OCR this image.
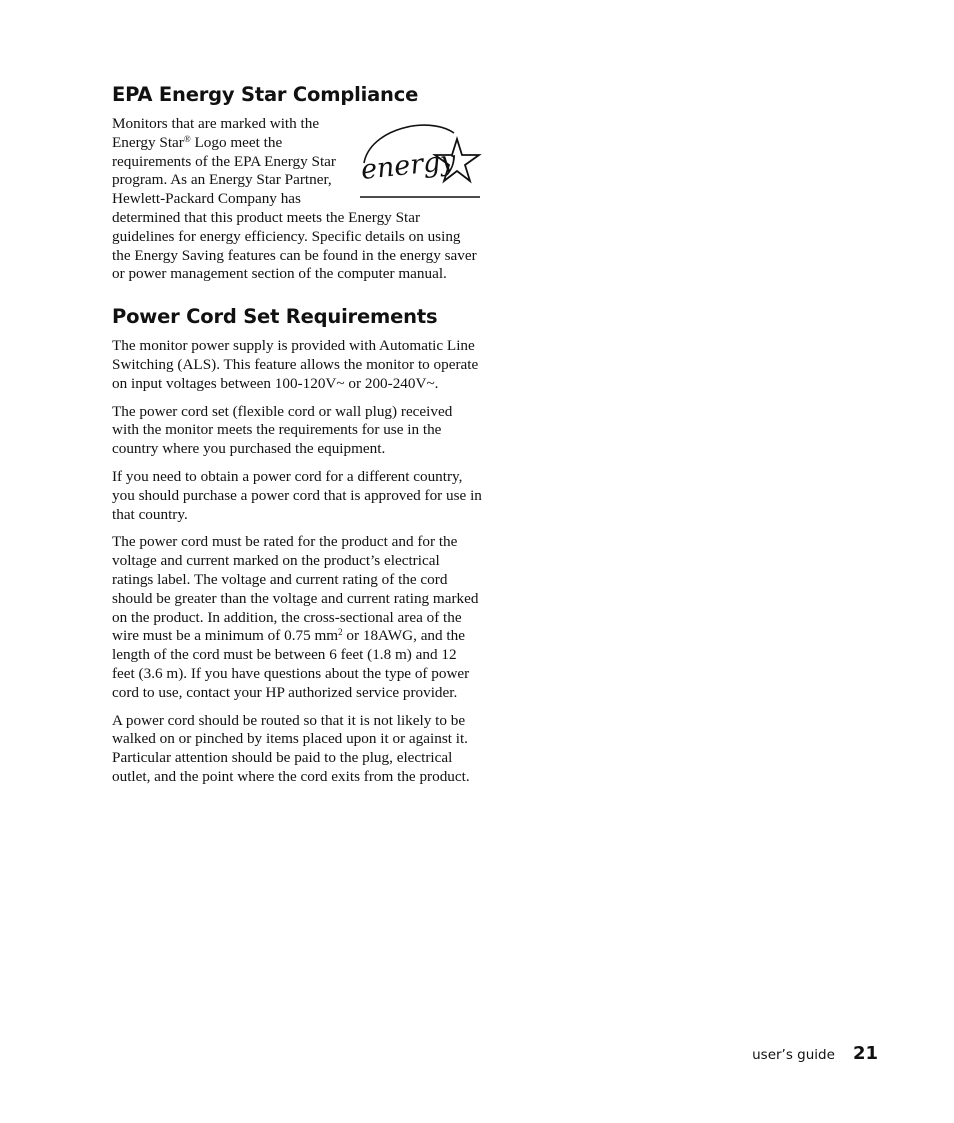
EPA Energy Star Compliance
energy

Monitors that are marked with the Energy Star® Logo meet the requirements of the EPA Energy Star program. As an Energy Star Partner, Hewlett-Packard Company has determined that this product meets the Energy Star guidelines for energy efficiency. Specific details on using the Energy Saving features can be found in the energy saver or power management section of the computer manual.

Power Cord Set Requirements

The monitor power supply is provided with Automatic Line Switching (ALS). This feature allows the monitor to operate on input voltages between 100-120V~ or 200-240V~.

The power cord set (flexible cord or wall plug) received with the monitor meets the requirements for use in the country where you purchased the equipment.

If you need to obtain a power cord for a different country, you should purchase a power cord that is approved for use in that country.

The power cord must be rated for the product and for the voltage and current marked on the product’s electrical ratings label. The voltage and current rating of the cord should be greater than the voltage and current rating marked on the product. In addition, the cross-sectional area of the wire must be a minimum of 0.75 $mm^2$ or 18AWG, and the length of the cord must be between 6 feet (1.8 m) and 12 feet (3.6 m). If you have questions about the type of power cord to use, contact your HP authorized service provider.

A power cord should be routed so that it is not likely to be walked on or pinched by items placed upon it or against it. Particular attention should be paid to the plug, electrical outlet, and the point where the cord exits from the product.

user’s guide 21
